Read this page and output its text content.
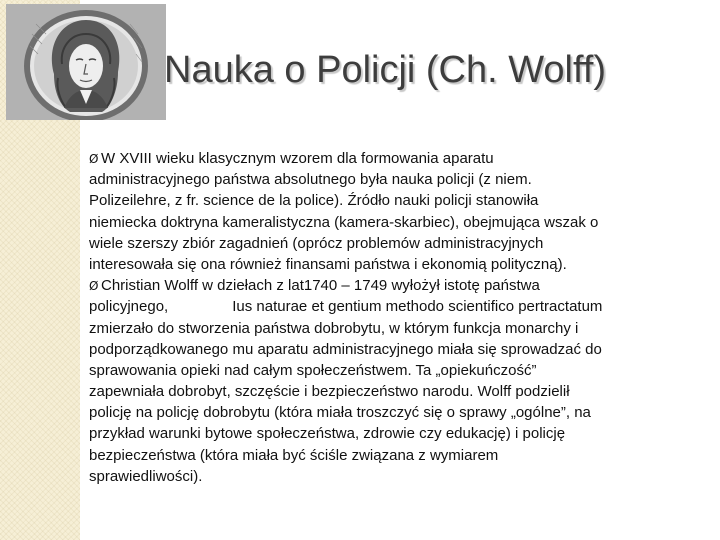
Nauka o Policji (Ch. Wolff)
Ø W XVIII wieku klasycznym wzorem dla formowania aparatu
administracyjnego państwa absolutnego była nauka policji (z niem.
Polizeilehre, z fr. science de la police). Źródło nauki policji stanowiła
niemiecka doktryna kameralistyczna (kamera-skarbiec), obejmująca wszak o
wiele szerszy zbiór zagadnień (oprócz problemów administracyjnych
interesowała się ona również finansami państwa i ekonomią polityczną).
Ø Christian Wolff w dziełach z lat1740 – 1749 wyłożył istotę państwa
policyjnego,	Ius naturae et gentium methodo scientifico pertractatum
zmierzało do stworzenia państwa dobrobytu, w którym funkcja monarchy i
podporządkowanego mu aparatu administracyjnego miała się sprowadzać do
sprawowania opieki nad całym społeczeństwem. Ta „opiekuńczość”
zapewniała dobrobyt, szczęście i bezpieczeństwo narodu. Wolff podzielił
policję na policję dobrobytu (która miała troszczyć się o sprawy „ogólne”, na
przykład warunki bytowe społeczeństwa, zdrowie czy edukację) i policję
bezpieczeństwa (która miała być ściśle związana z wymiarem
sprawiedliwości).
